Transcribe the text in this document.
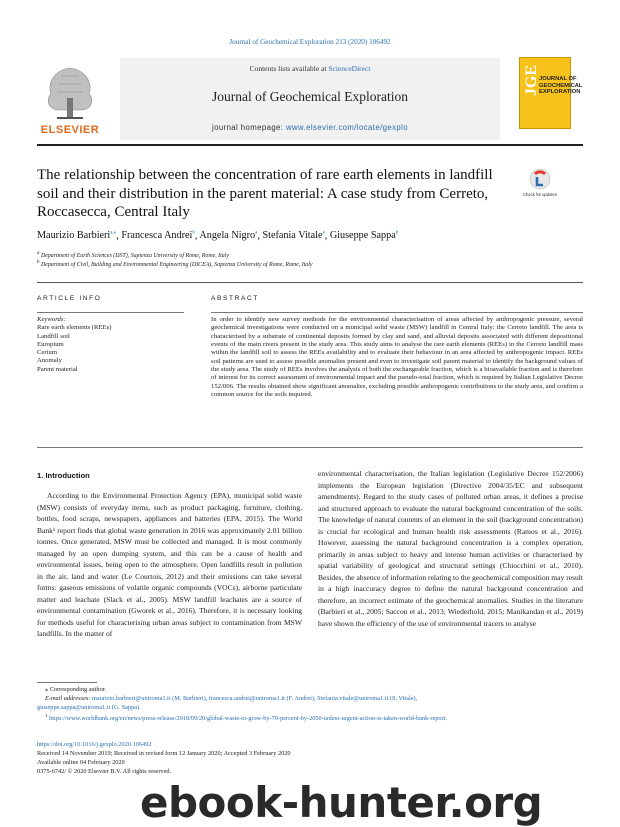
Journal of Geochemical Exploration 213 (2020) 106492
ELSEVIER
Contents lists available at ScienceDirect
Journal of Geochemical Exploration
journal homepage: www.elsevier.com/locate/gexplo
JGE JOURNAL OF GEOCHEMICAL EXPLORATION
The relationship between the concentration of rare earth elements in landfill soil and their distribution in the parent material: A case study from Cerreto, Roccasecca, Central Italy
Check for updates
Maurizio Barbieri$^{a,⁎}$, Francesca Andrei$^b$, Angela Nigro$^a$, Stefania Vitale$^a$, Giuseppe Sappa$^b$
$^a$ Department of Earth Sciences (DST), Sapienza University of Rome, Rome, Italy
$^b$ Department of Civil, Building and Environmental Engineering (DICEA), Sapienza University of Rome, Rome, Italy
ARTICLE INFO	ABSTRACT
Keywords:
Rare earth elements (REEs)
Landfill soil
Europium
Cerium
Anomaly
Parent material
In order to identify new survey methods for the environmental characterisation of areas affected by anthropogenic pressure, several geochemical investigations were conducted on a municipal solid waste (MSW) landfill in Central Italy: the Cerreto landfill. The area is characterised by a substrate of continental deposits formed by clay and sand, and alluvial deposits associated with different depositional events of the main rivers present in the study area. This study aims to analyse the rare earth elements (REEs) in the Cerreto landfill mass within the landfill soil to assess the REEs availability and to evaluate their behaviour in an area affected by anthropogenic impact. REEs soil patterns are used to assess possible anomalies present and even to investigate soil parent material to identify the background values of the study area. The study of REEs involves the analysis of both the exchangeable fraction, which is a bioavailable fraction and is therefore of interest for its correct assessment of environmental impact and the pseudo-total fraction, which is required by Italian Legislative Decree 152/006. The results obtained show significant anomalies, excluding possible anthropogenic contributions to the study area, and confirm a common source for the soils inquired.
1. Introduction
According to the Environmental Protection Agency (EPA), municipal solid waste (MSW) consists of everyday items, such as product packaging, furniture, clothing, bottles, food scraps, newspapers, appliances and batteries (EPA, 2015). The World Bank¹ report finds that global waste generation in 2016 was approximately 2.01 billion tonnes. Once generated, MSW must be collected and managed. It is most commonly managed by an open dumping system, and this can be a cause of health and environmental issues, being open to the atmosphere. Open landfills result in pollution in the air, land and water (Le Courtois, 2012) and their emissions can take several forms: gaseous emissions of volatile organic compounds (VOCs), airborne particulate matter and leachate (Slack et al., 2005). MSW landfill leachates are a source of environmental contamination (Gworek et al., 2016). Therefore, it is necessary looking for methods useful for characterising urban areas subject to contamination from MSW landfills. In the matter of
environmental characterisation, the Italian legislation (Legislative Decree 152/2006) implements the European legislation (Directive 2004/35/EC and subsequent amendments). Regard to the study cases of polluted urban areas, it defines a precise and structured approach to evaluate the natural background concentration of the soils. The knowledge of natural contents of an element in the soil (background concentration) is crucial for ecological and human health risk assessments (Ramos et al., 2016). However, assessing the natural background concentration is a complex operation, primarily in areas subject to heavy and intense human activities or characterised by spatial variability of geological and structural settings (Chiocchini et al., 2010). Besides, the absence of information relating to the geochemical composition may result in a high inaccuracy degree to define the natural background concentration and therefore, an incorrect estimate of the geochemical anomalies. Studies in the literature (Barbieri et al., 2005; Saccon et al., 2013; Wiederhold, 2015; Manikandan et al., 2019) have shown the efficiency of the use of environmental tracers to analyse
⁎ Corresponding author.
E-mail addresses: maurizio.barbieri@uniroma1.it (M. Barbieri), francesca.andrei@uniroma1.it (F. Andrei), Stefania.vitale@uniroma1.it (S. Vitale),
giuseppe.sappa@uniroma1.it (G. Sappa).
$^1$ https://www.worldbank.org/en/news/press-release/2018/09/20/global-waste-to-grow-by-70-percent-by-2050-unless-urgent-action-is-taken-world-bank-report.
https://doi.org/10.1016/j.gexplo.2020.106492
Received 14 November 2019; Received in revised form 12 January 2020; Accepted 3 February 2020
Available online 04 February 2020
0375-6742/ © 2020 Elsevier B.V. All rights reserved.
ebook-hunter.org
